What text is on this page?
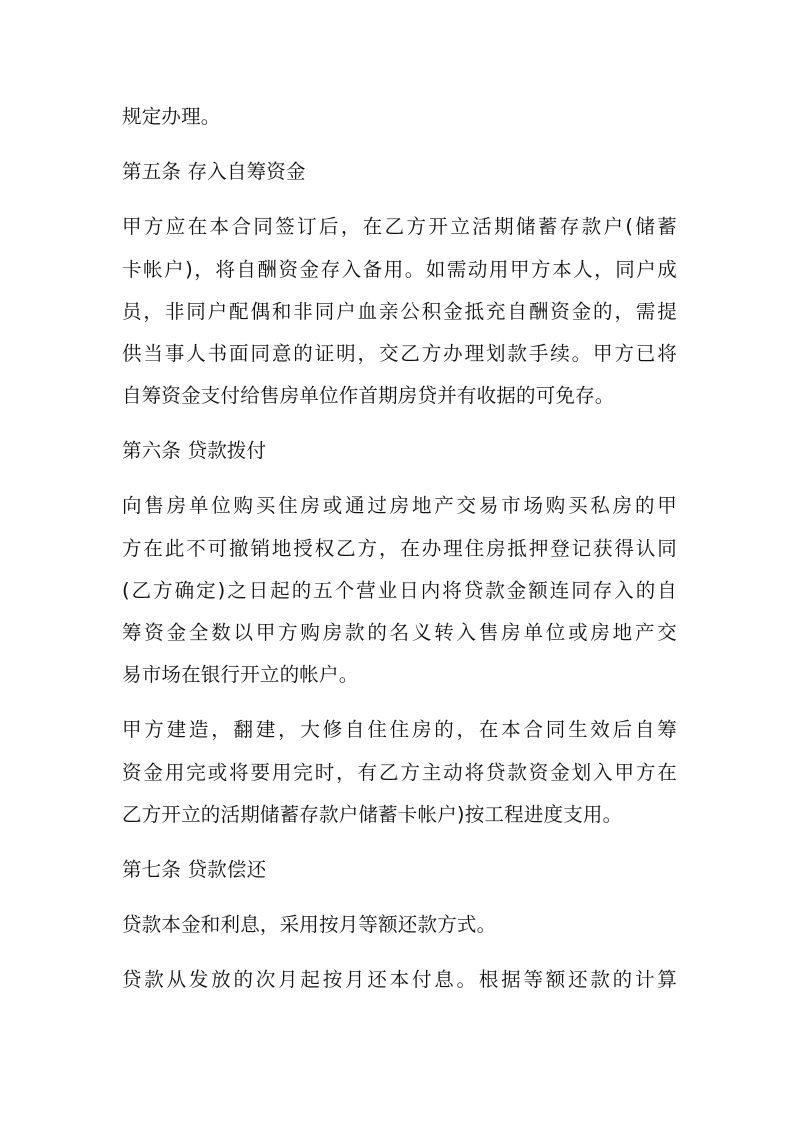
规定办理。
第五条 存入自筹资金
甲方应在本合同签订后，在乙方开立活期储蓄存款户(储蓄
卡帐户)，将自酬资金存入备用。如需动用甲方本人，同户成
员，非同户配偶和非同户血亲公积金抵充自酬资金的，需提
供当事人书面同意的证明，交乙方办理划款手续。甲方已将
自筹资金支付给售房单位作首期房贷并有收据的可免存。
第六条 贷款拨付
向售房单位购买住房或通过房地产交易市场购买私房的甲
方在此不可撤销地授权乙方，在办理住房抵押登记获得认同
(乙方确定)之日起的五个营业日内将贷款金额连同存入的自
筹资金全数以甲方购房款的名义转入售房单位或房地产交
易市场在银行开立的帐户。
甲方建造，翻建，大修自住住房的，在本合同生效后自筹
资金用完或将要用完时，有乙方主动将贷款资金划入甲方在
乙方开立的活期储蓄存款户储蓄卡帐户)按工程进度支用。
第七条 贷款偿还
贷款本金和利息，采用按月等额还款方式。
贷款从发放的次月起按月还本付息。根据等额还款的计算
